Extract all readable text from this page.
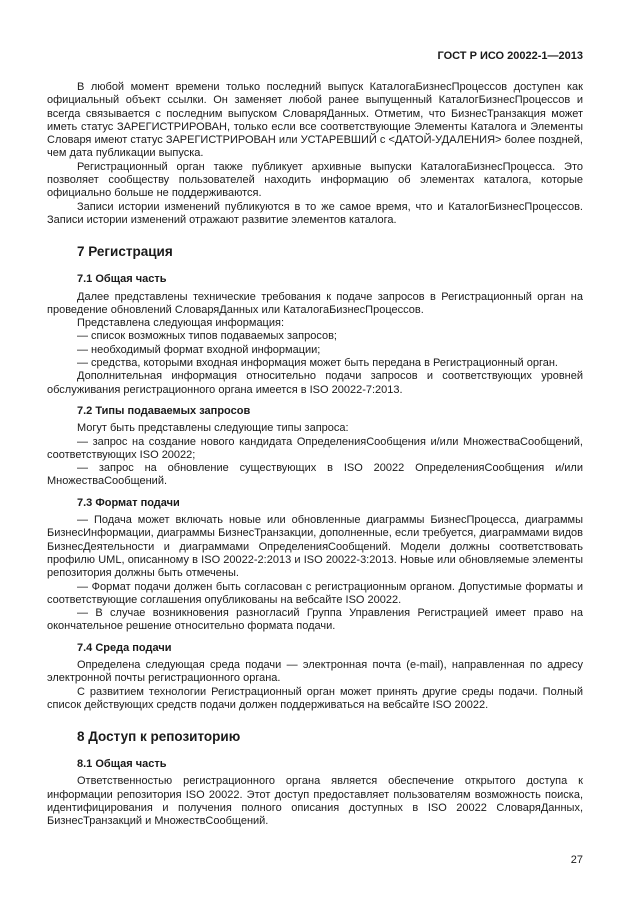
ГОСТ Р ИСО 20022-1—2013

В любой момент времени только последний выпуск КаталогаБизнесПроцессов доступен как официальный объект ссылки. Он заменяет любой ранее выпущенный КаталогБизнесПроцессов и всегда связывается с последним выпуском СловаряДанных. Отметим, что БизнесТранзакция может иметь статус ЗАРЕГИСТРИРОВАН, только если все соответствующие Элементы Каталога и Элементы Словаря имеют статус ЗАРЕГИСТРИРОВАН или УСТАРЕВШИЙ с <ДАТОЙ-УДАЛЕНИЯ> более поздней, чем дата публикации выпуска.

Регистрационный орган также публикует архивные выпуски КаталогаБизнесПроцесса. Это позволяет сообществу пользователей находить информацию об элементах каталога, которые официально больше не поддерживаются.

Записи истории изменений публикуются в то же самое время, что и КаталогБизнесПроцессов. Записи истории изменений отражают развитие элементов каталога.

7 Регистрация
7.1 Общая часть

Далее представлены технические требования к подаче запросов в Регистрационный орган на проведение обновлений СловаряДанных или КаталогаБизнесПроцессов.

Представлена следующая информация:

— список возможных типов подаваемых запросов;

— необходимый формат входной информации;

— средства, которыми входная информация может быть передана в Регистрационный орган.

Дополнительная информация относительно подачи запросов и соответствующих уровней обслуживания регистрационного органа имеется в ISO 20022-7:2013.

7.2 Типы подаваемых запросов

Могут быть представлены следующие типы запроса:

— запрос на создание нового кандидата ОпределенияСообщения и/или МножестваСообщений, соответствующих ISO 20022;

— запрос на обновление существующих в ISO 20022 ОпределенияСообщения и/или МножестваСообщений.

7.3 Формат подачи

— Подача может включать новые или обновленные диаграммы БизнесПроцесса, диаграммы БизнесИнформации, диаграммы БизнесТранзакции, дополненные, если требуется, диаграммами видов БизнесДеятельности и диаграммами ОпределенияСообщений. Модели должны соответствовать профилю UML, описанному в ISO 20022-2:2013 и ISO 20022-3:2013. Новые или обновляемые элементы репозитория должны быть отмечены.

— Формат подачи должен быть согласован с регистрационным органом. Допустимые форматы и соответствующие соглашения опубликованы на вебсайте ISO 20022.

— В случае возникновения разногласий Группа Управления Регистрацией имеет право на окончательное решение относительно формата подачи.

7.4 Среда подачи

Определена следующая среда подачи — электронная почта (e-mail), направленная по адресу электронной почты регистрационного органа.

С развитием технологии Регистрационный орган может принять другие среды подачи. Полный список действующих средств подачи должен поддерживаться на вебсайте ISO 20022.

8 Доступ к репозиторию
8.1 Общая часть

Ответственностью регистрационного органа является обеспечение открытого доступа к информации репозитория ISO 20022. Этот доступ предоставляет пользователям возможность поиска, идентифицирования и получения полного описания доступных в ISO 20022 СловаряДанных, БизнесТранзакций и МножествСообщений.

27
